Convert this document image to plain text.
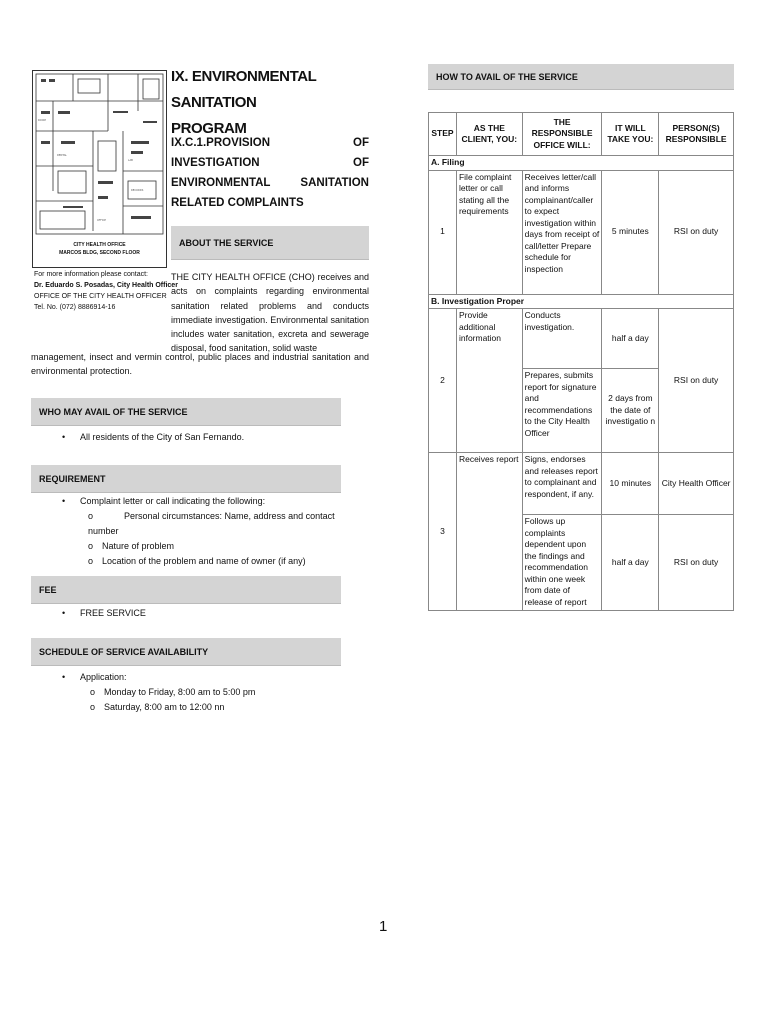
ROOM
DENTAL
LAB
OFFICE
RECORDS
CITY HEALTH OFFICE
MARCOS BLDG, SECOND FLOOR
For more information please contact:
Dr. Eduardo S. Posadas, City Health Officer
OFFICE OF THE CITY HEALTH OFFICER
Tel. No. (072) 8886914-16
IX. ENVIRONMENTAL SANITATION
PROGRAM
IX.C.1.PROVISION OF INVESTIGATION OF ENVIRONMENTAL SANITATION RELATED COMPLAINTS
ABOUT THE SERVICE
THE CITY HEALTH OFFICE (CHO) receives and acts on complaints regarding environmental sanitation related problems and conducts immediate investigation. Environmental sanitation includes water sanitation, excreta and sewerage disposal, food sanitation, solid waste
management, insect and vermin control, public places and industrial sanitation and environmental protection.
WHO MAY AVAIL OF THE SERVICE
• All residents of the City of San Fernando.
REQUIREMENT
• Complaint letter or call indicating the following:
o	Personal circumstances: Name, address and contact number
o Nature of problem
o Location of the problem and name of owner (if any)
FEE
• FREE SERVICE
SCHEDULE OF SERVICE AVAILABILITY
• Application:
o Monday to Friday, 8:00 am to 5:00 pm
o Saturday, 8:00 am to 12:00 nn
HOW TO AVAIL OF THE SERVICE
STEP	AS THE CLIENT, YOU:	THE RESPONSIBLE OFFICE WILL:	IT WILL TAKE YOU:	PERSON(S) RESPONSIBLE
A. Filing				
1	File complaint letter or call stating all the requirements	Receives letter/call and informs complainant/caller to expect investigation within days from receipt of call/letter Prepare schedule for inspection	5 minutes	RSI on duty
B. Investigation Proper				
2	Provide additional information	Conducts investigation.	half a day	RSI on duty
		Prepares, submits report for signature and recommendations to the City Health Officer	2 days from the date of investigatio n	
3	Receives report	Signs, endorses and releases report to complainant and respondent, if any.	10 minutes	City Health Officer
		Follows up complaints dependent upon the findings and recommendation within one week from date of release of report	half a day	RSI on duty
1
